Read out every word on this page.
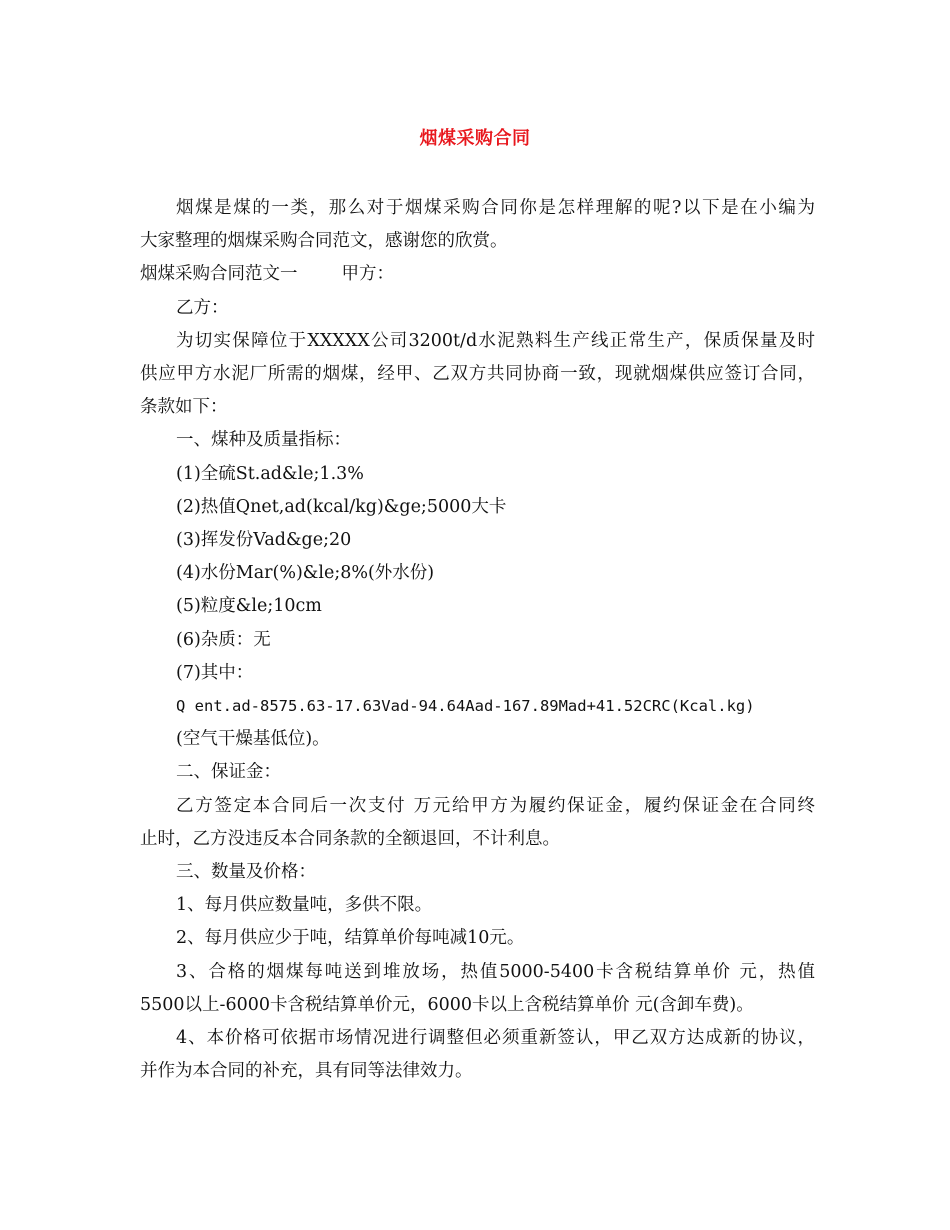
烟煤采购合同

烟煤是煤的一类，那么对于烟煤采购合同你是怎样理解的呢?以下是在小编为

大家整理的烟煤采购合同范文，感谢您的欣赏。

烟煤采购合同范文一	甲方：

乙方：

为切实保障位于XXXXX公司3200t/d水泥熟料生产线正常生产，保质保量及时

供应甲方水泥厂所需的烟煤，经甲、乙双方共同协商一致，现就烟煤供应签订合同，

条款如下：

一、煤种及质量指标：

(1)全硫St.ad&le;1.3%

(2)热值Qnet,ad(kcal/kg)&ge;5000大卡

(3)挥发份Vad&ge;20

(4)水份Mar(%)&le;8%(外水份)

(5)粒度&le;10cm

(6)杂质：无

(7)其中：

Q ent.ad-8575.63-17.63Vad-94.64Aad-167.89Mad+41.52CRC(Kcal.kg)

(空气干燥基低位)。

二、保证金：

乙方签定本合同后一次支付 万元给甲方为履约保证金，履约保证金在合同终

止时，乙方没违反本合同条款的全额退回，不计利息。

三、数量及价格：

1、每月供应数量吨，多供不限。

2、每月供应少于吨，结算单价每吨减10元。

3、合格的烟煤每吨送到堆放场，热值5000-5400卡含税结算单价 元，热值

5500以上-6000卡含税结算单价元，6000卡以上含税结算单价 元(含卸车费)。

4、本价格可依据市场情况进行调整但必须重新签认，甲乙双方达成新的协议，

并作为本合同的补充，具有同等法律效力。
